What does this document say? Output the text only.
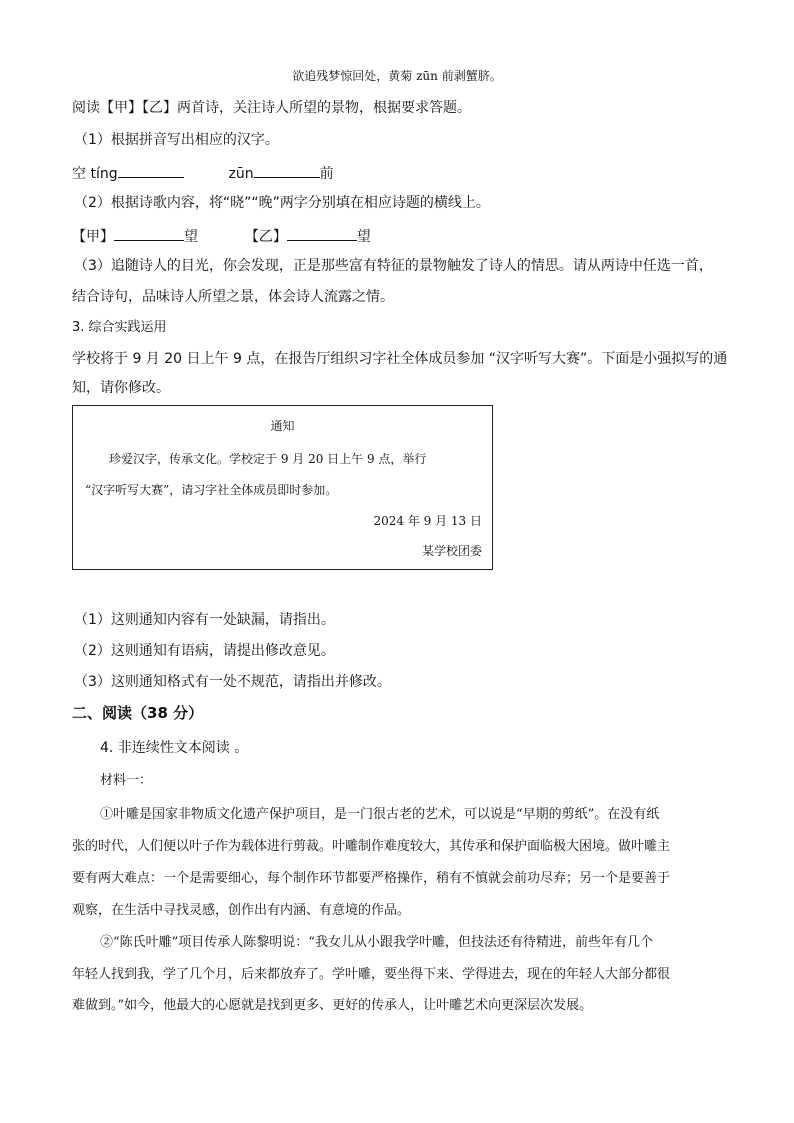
欲追残梦惊回处，黄菊 zūn 前剥蟹脐。
阅读【甲】【乙】两首诗，关注诗人所望的景物，根据要求答题。
（1）根据拼音写出相应的汉字。
空 tíng	zūn	前
（2）根据诗歌内容，将“晓”“晚”两字分别填在相应诗题的横线上。
【甲】	望	【乙】	望
（3）追随诗人的目光，你会发现，正是那些富有特征的景物触发了诗人的情思。请从两诗中任选一首，
结合诗句，品味诗人所望之景，体会诗人流露之情。
3. 综合实践运用
学校将于 9 月 20 日上午 9 点，在报告厅组织习字社全体成员参加 “汉字听写大赛”。下面是小强拟写的通
知，请你修改。
通知
珍爱汉字，传承文化。学校定于 9 月 20 日上午 9 点，举行
“汉字听写大赛”，请习字社全体成员即时参加。
2024 年 9 月 13 日
某学校团委
（1）这则通知内容有一处缺漏，请指出。
（2）这则通知有语病，请提出修改意见。
（3）这则通知格式有一处不规范，请指出并修改。
二、阅读（38 分）
4. 非连续性文本阅读 。
材料一：
①叶雕是国家非物质文化遗产保护项目，是一门很古老的艺术，可以说是“早期的剪纸”。在没有纸
张的时代，人们便以叶子作为载体进行剪裁。叶雕制作难度较大，其传承和保护面临极大困境。做叶雕主
要有两大难点：一个是需要细心，每个制作环节都要严格操作，稍有不慎就会前功尽弃；另一个是要善于
观察，在生活中寻找灵感，创作出有内涵、有意境的作品。
②“陈氏叶雕”项目传承人陈黎明说：“我女儿从小跟我学叶雕，但技法还有待精进，前些年有几个
年轻人找到我，学了几个月，后来都放弃了。学叶雕，要坐得下来、学得进去，现在的年轻人大部分都很
难做到。”如今，他最大的心愿就是找到更多、更好的传承人，让叶雕艺术向更深层次发展。
